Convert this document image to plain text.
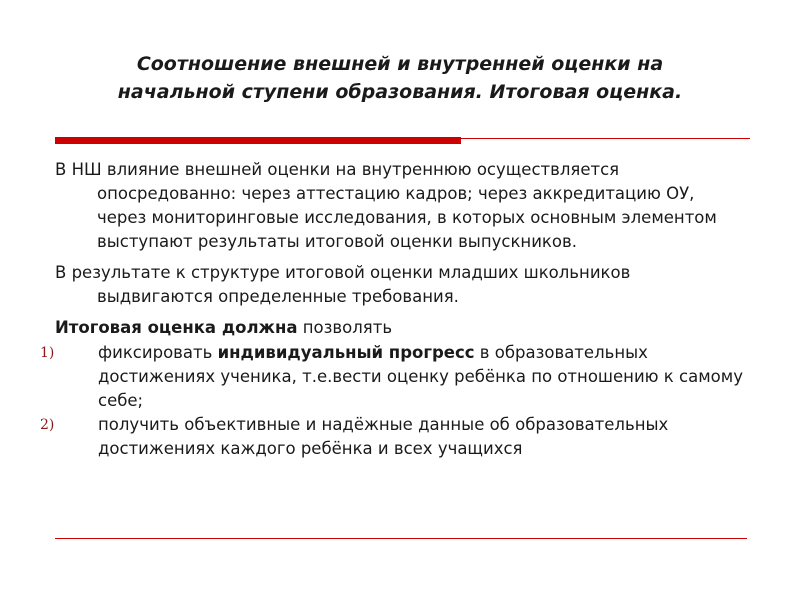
Соотношение внешней и внутренней оценки на
начальной ступени образования. Итоговая оценка.

В НШ влияние внешней оценки на внутреннюю осуществляется опосредованно: через аттестацию кадров; через аккредитацию ОУ, через мониторинговые исследования, в которых основным элементом выступают результаты итоговой оценки выпускников.

В результате к структуре итоговой оценки младших школьников выдвигаются определенные требования.

Итоговая оценка должна позволять

1)	фиксировать индивидуальный прогресс в образовательных достижениях ученика, т.е.вести оценку ребёнка по отношению к самому себе;

2)	получить объективные и надёжные данные об образовательных достижениях каждого ребёнка и всех учащихся
